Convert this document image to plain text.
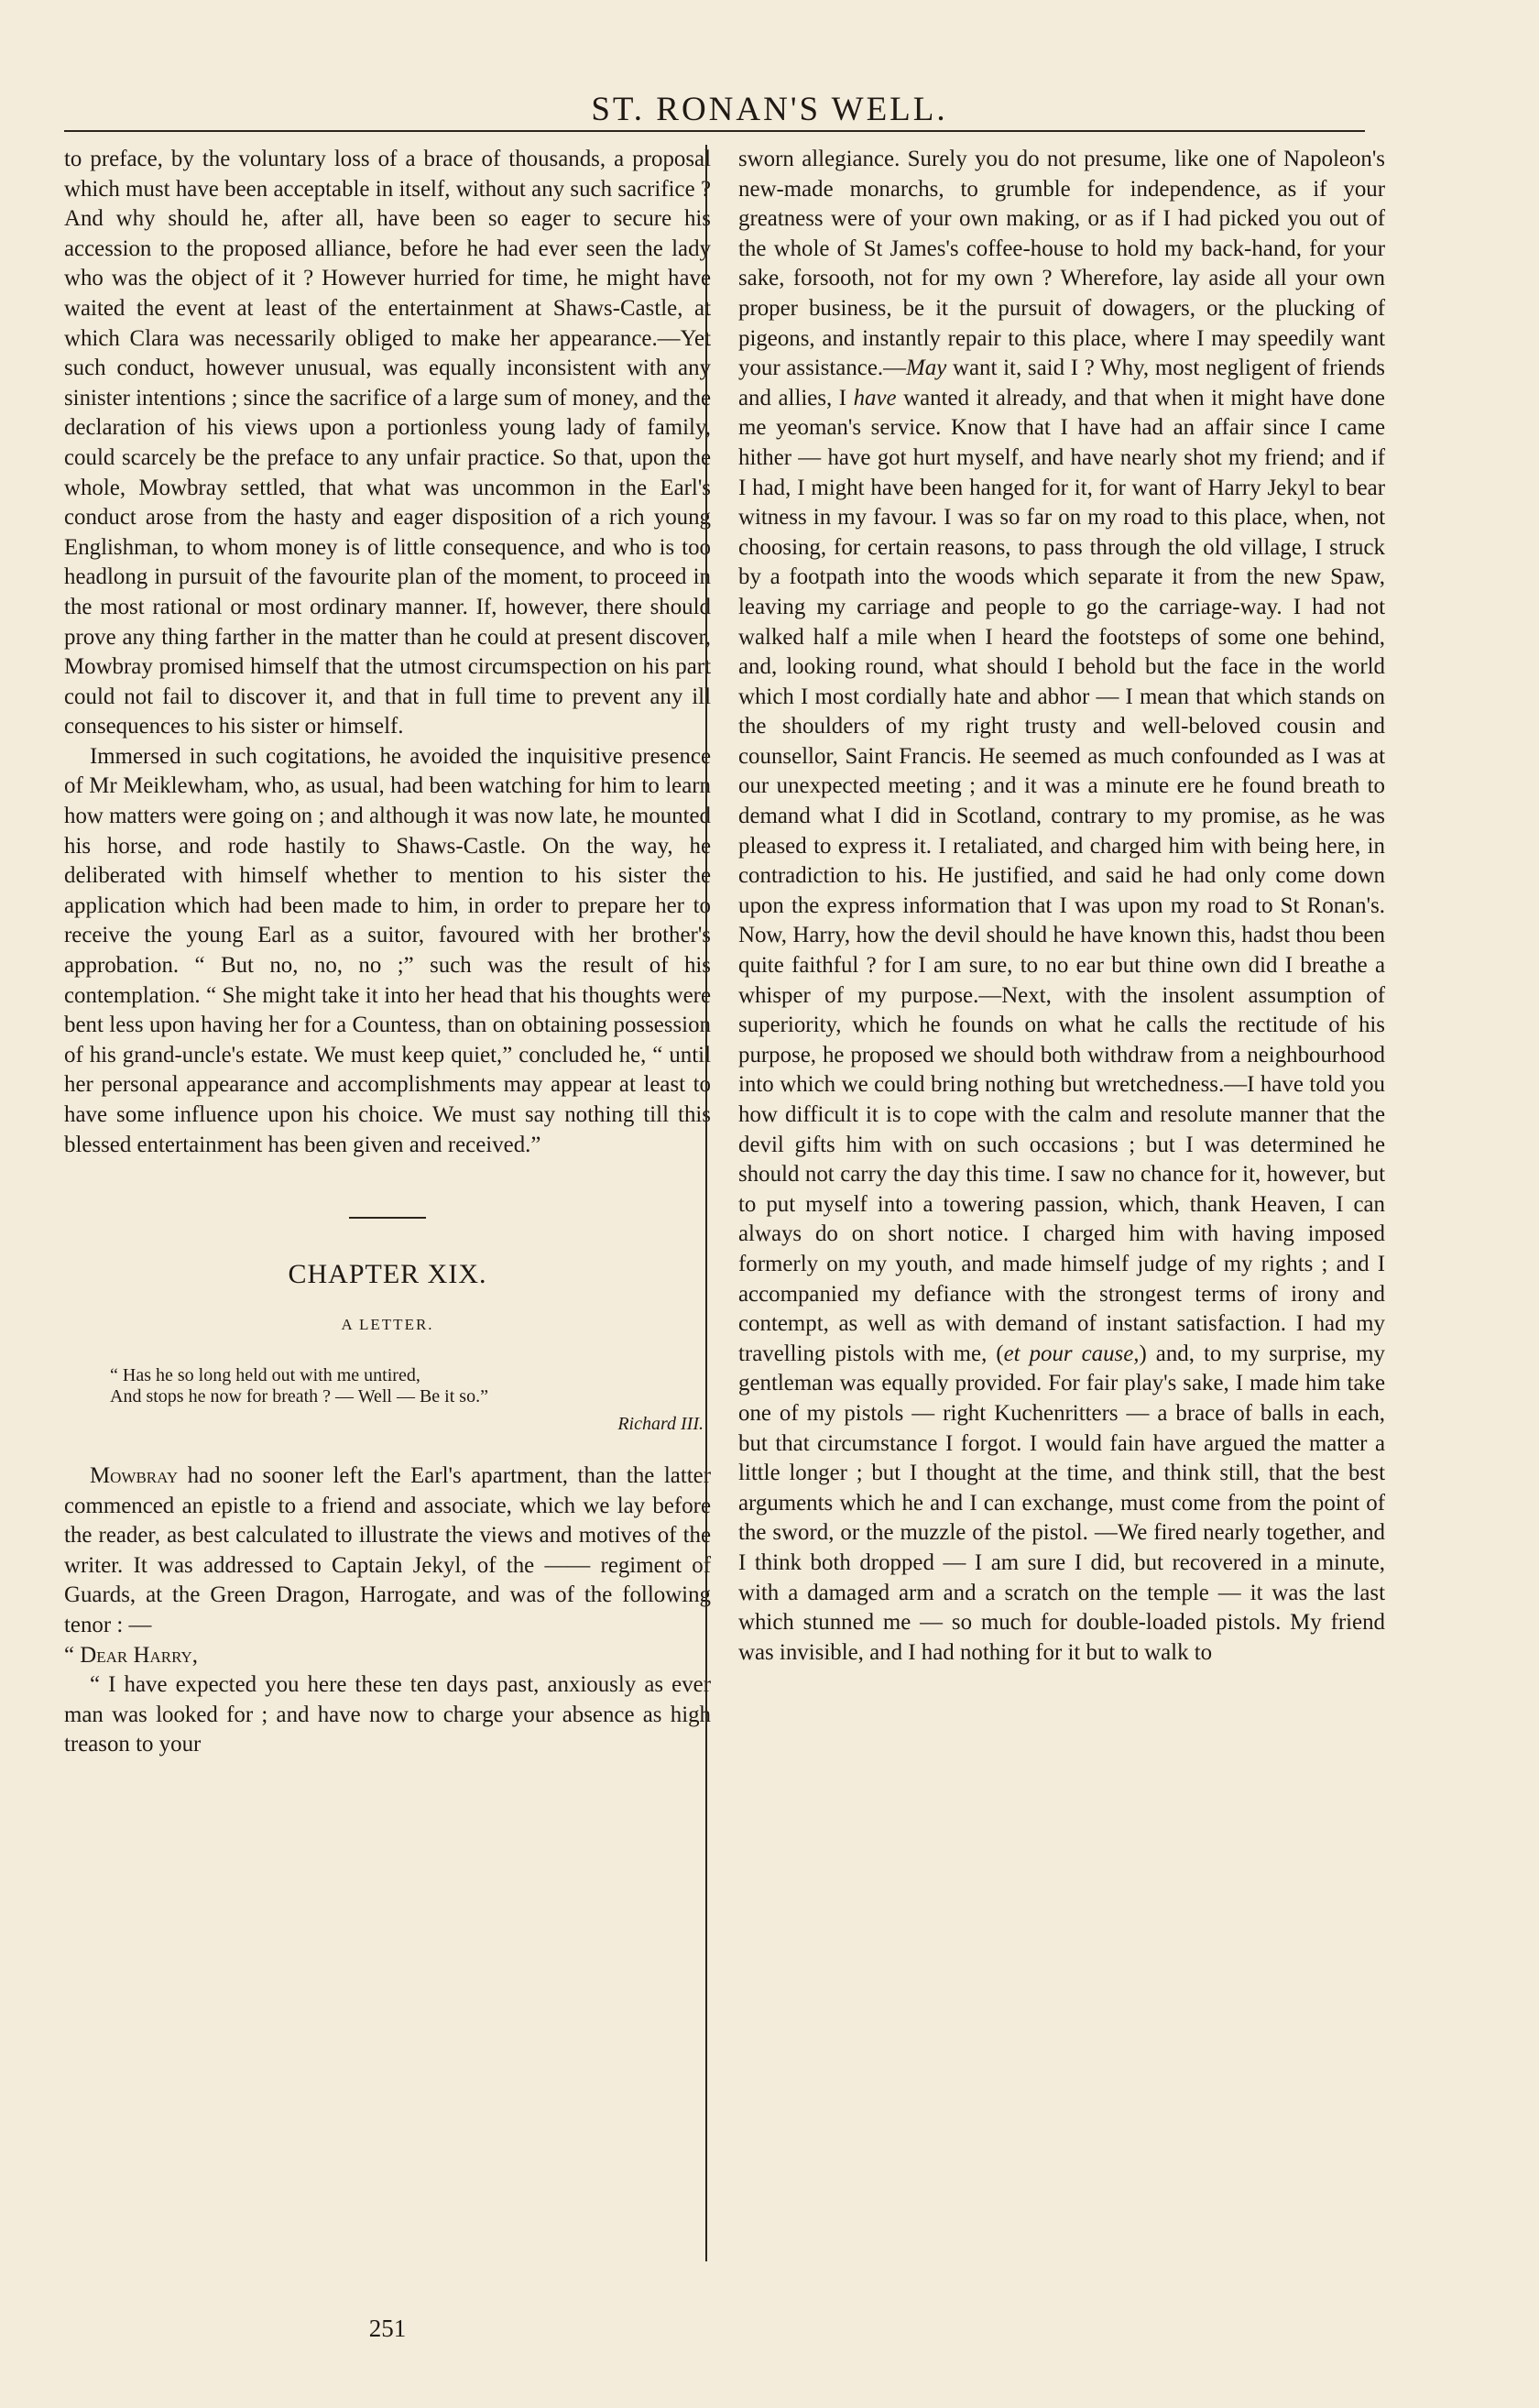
ST. RONAN'S WELL.

to preface, by the voluntary loss of a brace of thousands, a proposal which must have been acceptable in itself, without any such sacrifice ? And why should he, after all, have been so eager to secure his accession to the proposed alliance, before he had ever seen the lady who was the object of it ? However hurried for time, he might have waited the event at least of the entertainment at Shaws-Castle, at which Clara was necessarily obliged to make her appearance.—Yet such conduct, however unusual, was equally inconsistent with any sinister intentions ; since the sacrifice of a large sum of money, and the declaration of his views upon a portionless young lady of family, could scarcely be the preface to any unfair practice. So that, upon the whole, Mowbray settled, that what was uncommon in the Earl's conduct arose from the hasty and eager disposition of a rich young Englishman, to whom money is of little consequence, and who is too headlong in pursuit of the favourite plan of the moment, to proceed in the most rational or most ordinary manner. If, however, there should prove any thing farther in the matter than he could at present discover, Mowbray promised himself that the utmost circumspection on his part could not fail to discover it, and that in full time to prevent any ill consequences to his sister or himself.

Immersed in such cogitations, he avoided the inquisitive presence of Mr Meiklewham, who, as usual, had been watching for him to learn how matters were going on ; and although it was now late, he mounted his horse, and rode hastily to Shaws-Castle. On the way, he deliberated with himself whether to mention to his sister the application which had been made to him, in order to prepare her to receive the young Earl as a suitor, favoured with her brother's approbation. “ But no, no, no ;” such was the result of his contemplation. “ She might take it into her head that his thoughts were bent less upon having her for a Countess, than on obtaining possession of his grand-uncle's estate. We must keep quiet,” concluded he, “ until her personal appearance and accomplishments may appear at least to have some influence upon his choice. We must say nothing till this blessed entertainment has been given and received.”

CHAPTER XIX.
A LETTER.
“ Has he so long held out with me untired,
And stops he now for breath ? — Well — Be it so.”
Richard III.

Mowbray had no sooner left the Earl's apartment, than the latter commenced an epistle to a friend and associate, which we lay before the reader, as best calculated to illustrate the views and motives of the writer. It was addressed to Captain Jekyl, of the —— regiment of Guards, at the Green Dragon, Harrogate, and was of the following tenor : —

“ Dear Harry,

“ I have expected you here these ten days past, anxiously as ever man was looked for ; and have now to charge your absence as high treason to your

sworn allegiance. Surely you do not presume, like one of Napoleon's new-made monarchs, to grumble for independence, as if your greatness were of your own making, or as if I had picked you out of the whole of St James's coffee-house to hold my back-hand, for your sake, forsooth, not for my own ? Wherefore, lay aside all your own proper business, be it the pursuit of dowagers, or the plucking of pigeons, and instantly repair to this place, where I may speedily want your assistance.—May want it, said I ? Why, most negligent of friends and allies, I have wanted it already, and that when it might have done me yeoman's service. Know that I have had an affair since I came hither — have got hurt myself, and have nearly shot my friend; and if I had, I might have been hanged for it, for want of Harry Jekyl to bear witness in my favour. I was so far on my road to this place, when, not choosing, for certain reasons, to pass through the old village, I struck by a footpath into the woods which separate it from the new Spaw, leaving my carriage and people to go the carriage-way. I had not walked half a mile when I heard the footsteps of some one behind, and, looking round, what should I behold but the face in the world which I most cordially hate and abhor — I mean that which stands on the shoulders of my right trusty and well-beloved cousin and counsellor, Saint Francis. He seemed as much confounded as I was at our unexpected meeting ; and it was a minute ere he found breath to demand what I did in Scotland, contrary to my promise, as he was pleased to express it. I retaliated, and charged him with being here, in contradiction to his. He justified, and said he had only come down upon the express information that I was upon my road to St Ronan's. Now, Harry, how the devil should he have known this, hadst thou been quite faithful ? for I am sure, to no ear but thine own did I breathe a whisper of my purpose.—Next, with the insolent assumption of superiority, which he founds on what he calls the rectitude of his purpose, he proposed we should both withdraw from a neighbourhood into which we could bring nothing but wretchedness.—I have told you how difficult it is to cope with the calm and resolute manner that the devil gifts him with on such occasions ; but I was determined he should not carry the day this time. I saw no chance for it, however, but to put myself into a towering passion, which, thank Heaven, I can always do on short notice. I charged him with having imposed formerly on my youth, and made himself judge of my rights ; and I accompanied my defiance with the strongest terms of irony and contempt, as well as with demand of instant satisfaction. I had my travelling pistols with me, (et pour cause,) and, to my surprise, my gentleman was equally provided. For fair play's sake, I made him take one of my pistols — right Kuchenritters — a brace of balls in each, but that circumstance I forgot. I would fain have argued the matter a little longer ; but I thought at the time, and think still, that the best arguments which he and I can exchange, must come from the point of the sword, or the muzzle of the pistol. —We fired nearly together, and I think both dropped — I am sure I did, but recovered in a minute, with a damaged arm and a scratch on the temple — it was the last which stunned me — so much for double-loaded pistols. My friend was invisible, and I had nothing for it but to walk to

251
